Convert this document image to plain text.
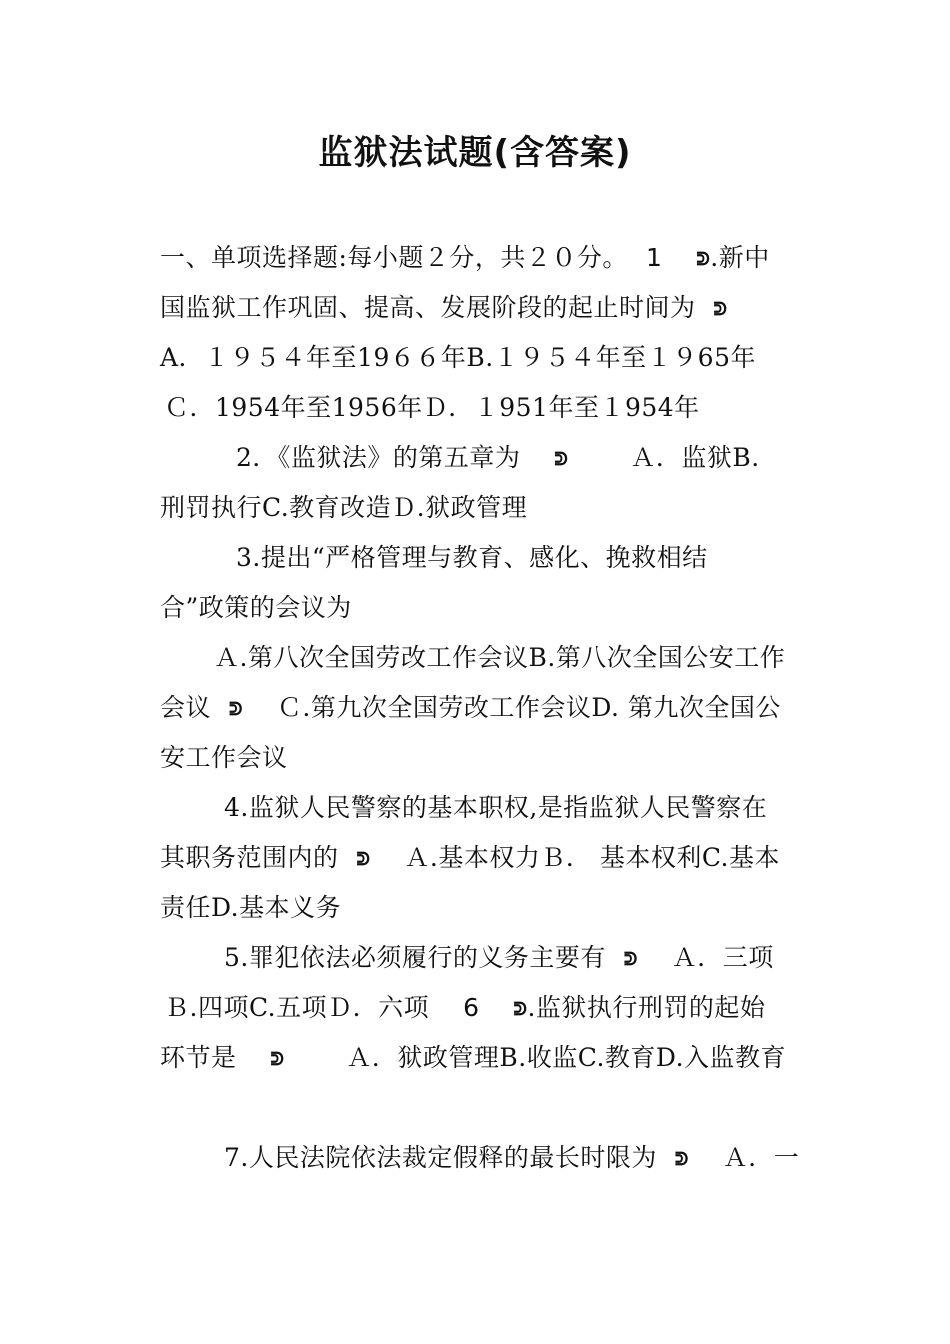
监狱法试题(含答案)
一、单项选择题:每小题２分，共２０分。 1 ᕲ.新中
国监狱工作巩固、提高、发展阶段的起止时间为 ᕲ
A．１９５４年至19６６年B.１９５４年至１９65年
Ｃ．1954年至1956年Ｄ．１951年至１954年
2．《监狱法》的第五章为 ᕲ Ａ．监狱B.
刑罚执行C.教育改造Ｄ.狱政管理
3.提出“严格管理与教育、感化、挽救相结
合”政策的会议为
Ａ.第八次全国劳改工作会议B.第八次全国公安工作
会议 ᕲ Ｃ.第九次全国劳改工作会议D. 第九次全国公
安工作会议
4.监狱人民警察的基本职权,是指监狱人民警察在
其职务范围内的 ᕲ Ａ.基本权力Ｂ． 基本权利C.基本
责任D.基本义务
5.罪犯依法必须履行的义务主要有 ᕲ Ａ．三项
Ｂ.四项C.五项Ｄ．六项 6 ᕲ.监狱执行刑罚的起始
环节是 ᕲ Ａ．狱政管理B.收监C.教育D.入监教育
7.人民法院依法裁定假释的最长时限为 ᕲ Ａ．一
